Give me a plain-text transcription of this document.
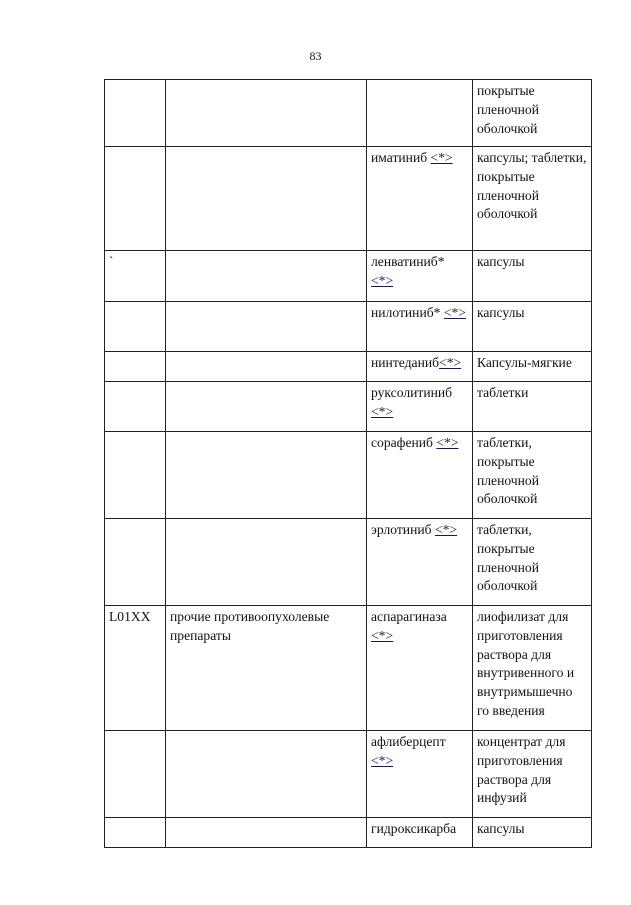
83
			покрытые пленочной оболочкой
		иматиниб <*>	капсулы; таблетки, покрытые пленочной оболочкой
`		ленватиниб* <*>	капсулы
		нилотиниб* <*>	капсулы
		нинтеданиб<*>	Капсулы-мягкие
		руксолитиниб <*>	таблетки
		сорафениб <*>	таблетки, покрытые пленочной оболочкой
		эрлотиниб <*>	таблетки, покрытые пленочной оболочкой
L01XX	прочие противоопухолевые препараты	аспарагиназа <*>	лиофилизат для приготовления раствора для внутривенного и внутримышечно го введения
		афлиберцепт <*>	концентрат для приготовления раствора для инфузий
		гидроксикарба	капсулы
